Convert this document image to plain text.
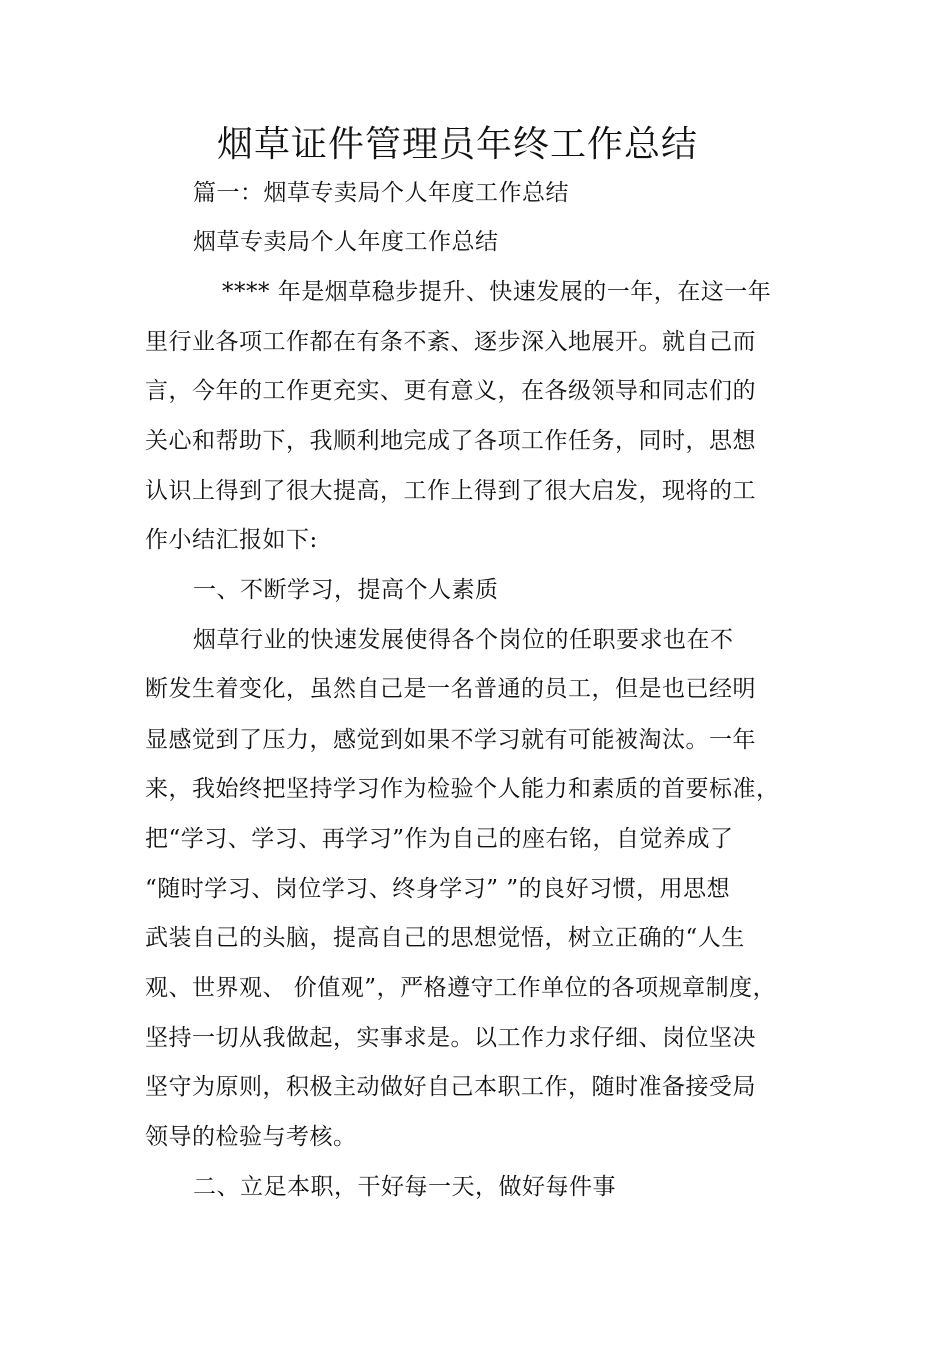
烟草证件管理员年终工作总结
篇一：烟草专卖局个人年度工作总结
烟草专卖局个人年度工作总结
**** 年是烟草稳步提升、快速发展的一年，在这一年
里行业各项工作都在有条不紊、逐步深入地展开。就自己而
言，今年的工作更充实、更有意义，在各级领导和同志们的
关心和帮助下，我顺利地完成了各项工作任务，同时，思想
认识上得到了很大提高，工作上得到了很大启发，现将的工
作小结汇报如下:
一、不断学习，提高个人素质
烟草行业的快速发展使得各个岗位的任职要求也在不
断发生着变化，虽然自己是一名普通的员工，但是也已经明
显感觉到了压力，感觉到如果不学习就有可能被淘汰。一年
来，我始终把坚持学习作为检验个人能力和素质的首要标准，
把“学习、学习、再学习”作为自己的座右铭，自觉养成了
“随时学习、岗位学习、终身学习” ”的良好习惯，用思想
武装自己的头脑，提高自己的思想觉悟，树立正确的“人生
观、世界观、 价值观”，严格遵守工作单位的各项规章制度，
坚持一切从我做起，实事求是。以工作力求仔细、岗位坚决
坚守为原则，积极主动做好自己本职工作，随时准备接受局
领导的检验与考核。
二、立足本职，干好每一天，做好每件事
